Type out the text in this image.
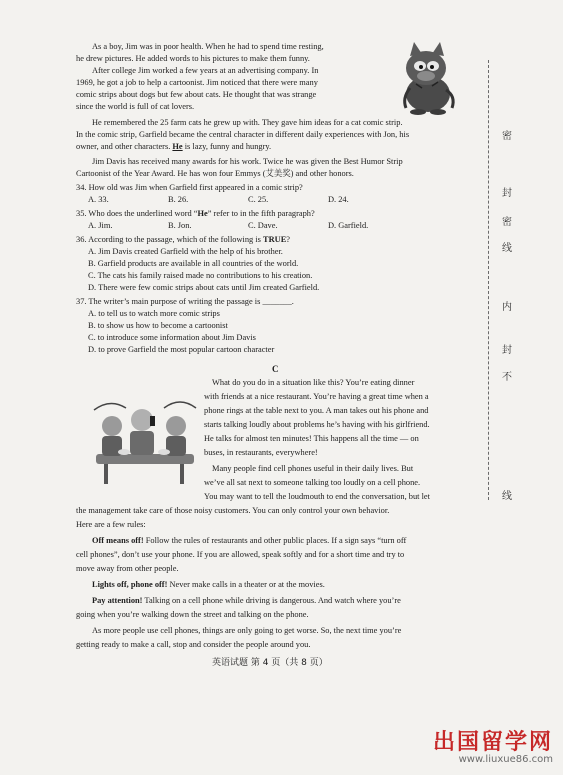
As a boy, Jim was in poor health. When he had to spend time resting,
he drew pictures. He added words to his pictures to make them funny.
After college Jim worked a few years at an advertising company. In
1969, he got a job to help a cartoonist. Jim noticed that there were many
comic strips about dogs but few about cats. He thought that was strange
since the world is full of cat lovers.
He remembered the 25 farm cats he grew up with. They gave him ideas for a cat comic strip.
In the comic strip, Garfield became the central character in different daily experiences with Jon, his
owner, and other characters. He is lazy, funny and hungry.
Jim Davis has received many awards for his work. Twice he was given the Best Humor Strip
Cartoonist of the Year Award. He has won four Emmys (艾美奖) and other honors.
34. How old was Jim when Garfield first appeared in a comic strip?
A. 33.	B. 26.	C. 25.	D. 24.
35. Who does the underlined word “He” refer to in the fifth paragraph?
A. Jim.	B. Jon.	C. Dave.	D. Garfield.
36. According to the passage, which of the following is TRUE?
A. Jim Davis created Garfield with the help of his brother.
B. Garfield products are available in all countries of the world.
C. The cats his family raised made no contributions to his creation.
D. There were few comic strips about cats until Jim created Garfield.
37. The writer’s main purpose of writing the passage is _______.
A. to tell us to watch more comic strips
B. to show us how to become a cartoonist
C. to introduce some information about Jim Davis
D. to prove Garfield the most popular cartoon character
C
What do you do in a situation like this? You’re eating dinner
with friends at a nice restaurant. You’re having a great time when a
phone rings at the table next to you. A man takes out his phone and
starts talking loudly about problems he’s having with his girlfriend.
He talks for almost ten minutes! This happens all the time — on
buses, in restaurants, everywhere!
Many people find cell phones useful in their daily lives. But
we’ve all sat next to someone talking too loudly on a cell phone.
You may want to tell the loudmouth to end the conversation, but let
the management take care of those noisy customers. You can only control your own behavior.
Here are a few rules:
Off means off! Follow the rules of restaurants and other public places. If a sign says “turn off
cell phones”, don’t use your phone. If you are allowed, speak softly and for a short time and try to
move away from other people.
Lights off, phone off! Never make calls in a theater or at the movies.
Pay attention! Talking on a cell phone while driving is dangerous. And watch where you’re
going when you’re walking down the street and talking on the phone.
As more people use cell phones, things are only going to get worse. So, the next time you’re
getting ready to make a call, stop and consider the people around you.
英语试题 第 4 页（共 8 页）
密
封
密
线
内
封
不
线
出国留学网
www.liuxue86.com
